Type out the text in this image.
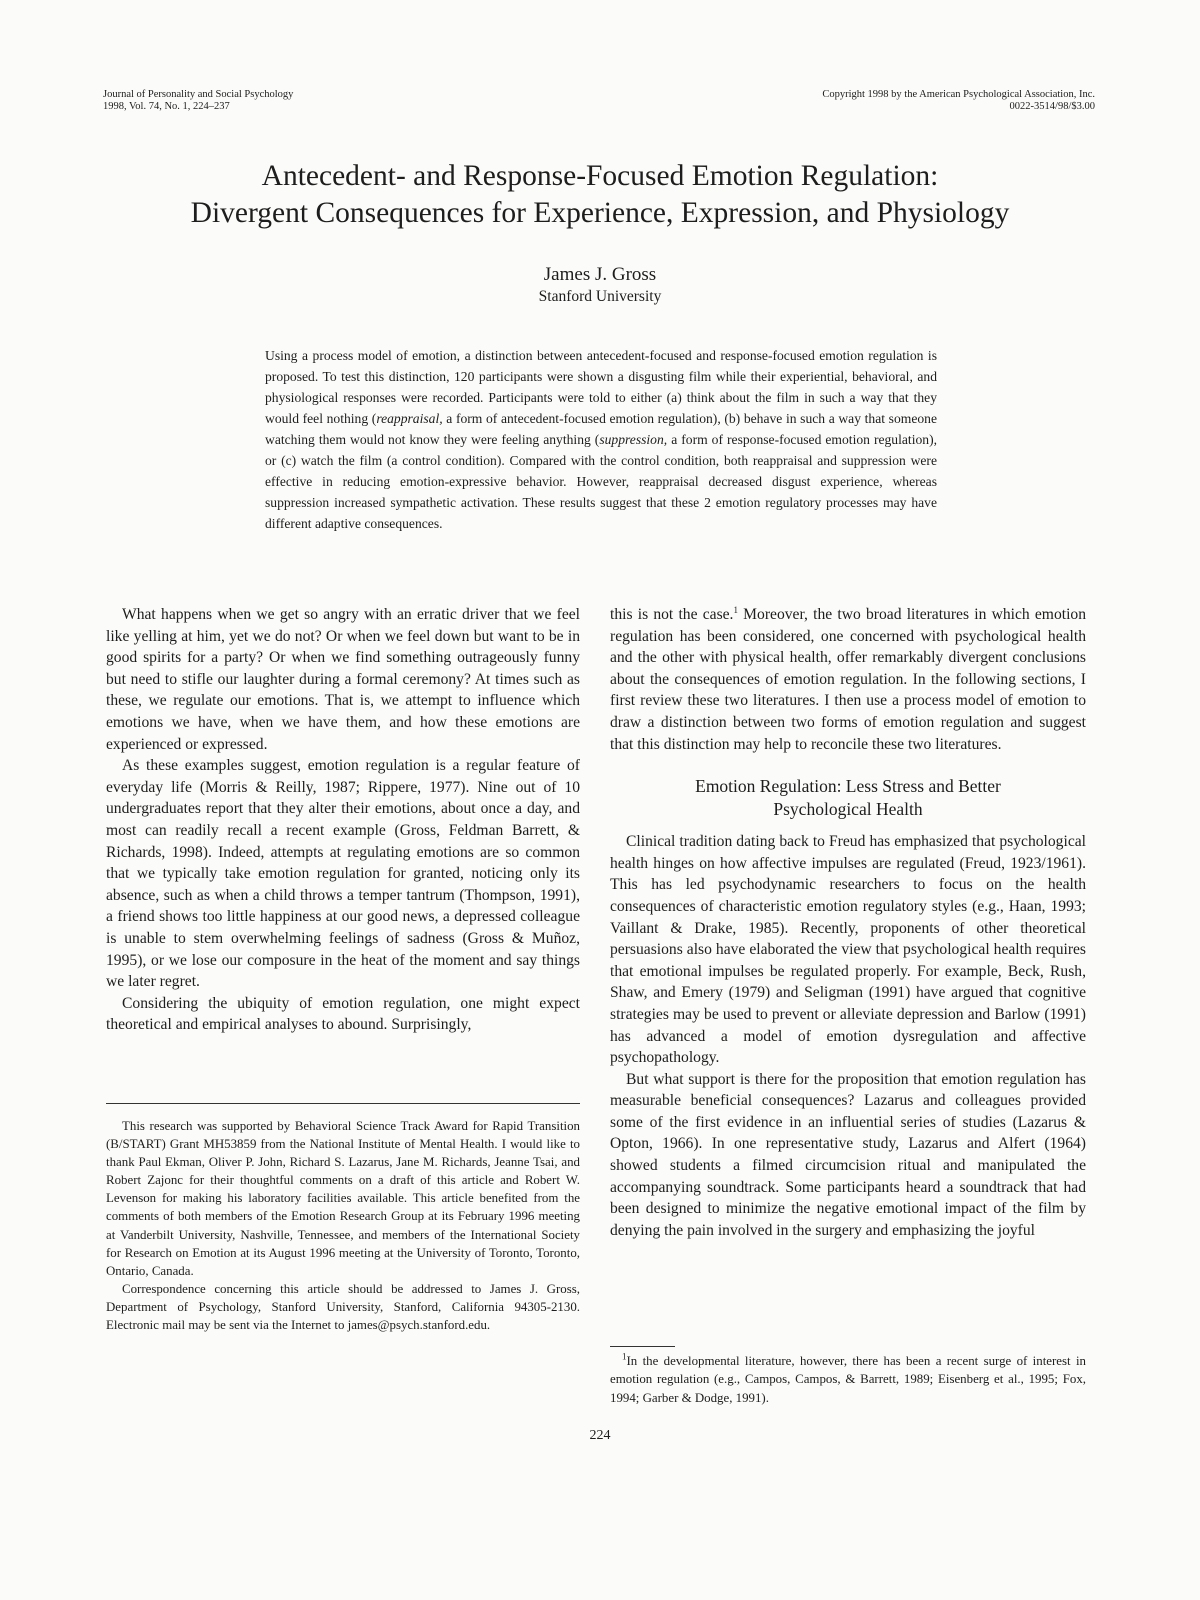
Journal of Personality and Social Psychology
1998, Vol. 74, No. 1, 224–237
Copyright 1998 by the American Psychological Association, Inc.
0022-3514/98/$3.00
Antecedent- and Response-Focused Emotion Regulation:
Divergent Consequences for Experience, Expression, and Physiology
James J. Gross
Stanford University

Using a process model of emotion, a distinction between antecedent-focused and response-focused emotion regulation is proposed. To test this distinction, 120 participants were shown a disgusting film while their experiential, behavioral, and physiological responses were recorded. Participants were told to either (a) think about the film in such a way that they would feel nothing (reappraisal, a form of antecedent-focused emotion regulation), (b) behave in such a way that someone watching them would not know they were feeling anything (suppression, a form of response-focused emotion regulation), or (c) watch the film (a control condition). Compared with the control condition, both reappraisal and suppression were effective in reducing emotion-expressive behavior. However, reappraisal decreased disgust experience, whereas suppression increased sympathetic activation. These results suggest that these 2 emotion regulatory processes may have different adaptive consequences.

What happens when we get so angry with an erratic driver that we feel like yelling at him, yet we do not? Or when we feel down but want to be in good spirits for a party? Or when we find something outrageously funny but need to stifle our laughter during a formal ceremony? At times such as these, we regulate our emotions. That is, we attempt to influence which emotions we have, when we have them, and how these emotions are experienced or expressed.

As these examples suggest, emotion regulation is a regular feature of everyday life (Morris & Reilly, 1987; Rippere, 1977). Nine out of 10 undergraduates report that they alter their emotions, about once a day, and most can readily recall a recent example (Gross, Feldman Barrett, & Richards, 1998). Indeed, attempts at regulating emotions are so common that we typically take emotion regulation for granted, noticing only its absence, such as when a child throws a temper tantrum (Thompson, 1991), a friend shows too little happiness at our good news, a depressed colleague is unable to stem overwhelming feelings of sadness (Gross & Muñoz, 1995), or we lose our composure in the heat of the moment and say things we later regret.

Considering the ubiquity of emotion regulation, one might expect theoretical and empirical analyses to abound. Surprisingly,

This research was supported by Behavioral Science Track Award for Rapid Transition (B/START) Grant MH53859 from the National Institute of Mental Health. I would like to thank Paul Ekman, Oliver P. John, Richard S. Lazarus, Jane M. Richards, Jeanne Tsai, and Robert Zajonc for their thoughtful comments on a draft of this article and Robert W. Levenson for making his laboratory facilities available. This article benefited from the comments of both members of the Emotion Research Group at its February 1996 meeting at Vanderbilt University, Nashville, Tennessee, and members of the International Society for Research on Emotion at its August 1996 meeting at the University of Toronto, Toronto, Ontario, Canada.

Correspondence concerning this article should be addressed to James J. Gross, Department of Psychology, Stanford University, Stanford, California 94305-2130. Electronic mail may be sent via the Internet to james@psych.stanford.edu.

this is not the case.$^1$ Moreover, the two broad literatures in which emotion regulation has been considered, one concerned with psychological health and the other with physical health, offer remarkably divergent conclusions about the consequences of emotion regulation. In the following sections, I first review these two literatures. I then use a process model of emotion to draw a distinction between two forms of emotion regulation and suggest that this distinction may help to reconcile these two literatures.

Emotion Regulation: Less Stress and Better
Psychological Health

Clinical tradition dating back to Freud has emphasized that psychological health hinges on how affective impulses are regulated (Freud, 1923/1961). This has led psychodynamic researchers to focus on the health consequences of characteristic emotion regulatory styles (e.g., Haan, 1993; Vaillant & Drake, 1985). Recently, proponents of other theoretical persuasions also have elaborated the view that psychological health requires that emotional impulses be regulated properly. For example, Beck, Rush, Shaw, and Emery (1979) and Seligman (1991) have argued that cognitive strategies may be used to prevent or alleviate depression and Barlow (1991) has advanced a model of emotion dysregulation and affective psychopathology.

But what support is there for the proposition that emotion regulation has measurable beneficial consequences? Lazarus and colleagues provided some of the first evidence in an influential series of studies (Lazarus & Opton, 1966). In one representative study, Lazarus and Alfert (1964) showed students a filmed circumcision ritual and manipulated the accompanying soundtrack. Some participants heard a soundtrack that had been designed to minimize the negative emotional impact of the film by denying the pain involved in the surgery and emphasizing the joyful

$^1$In the developmental literature, however, there has been a recent surge of interest in emotion regulation (e.g., Campos, Campos, & Barrett, 1989; Eisenberg et al., 1995; Fox, 1994; Garber & Dodge, 1991).

224
